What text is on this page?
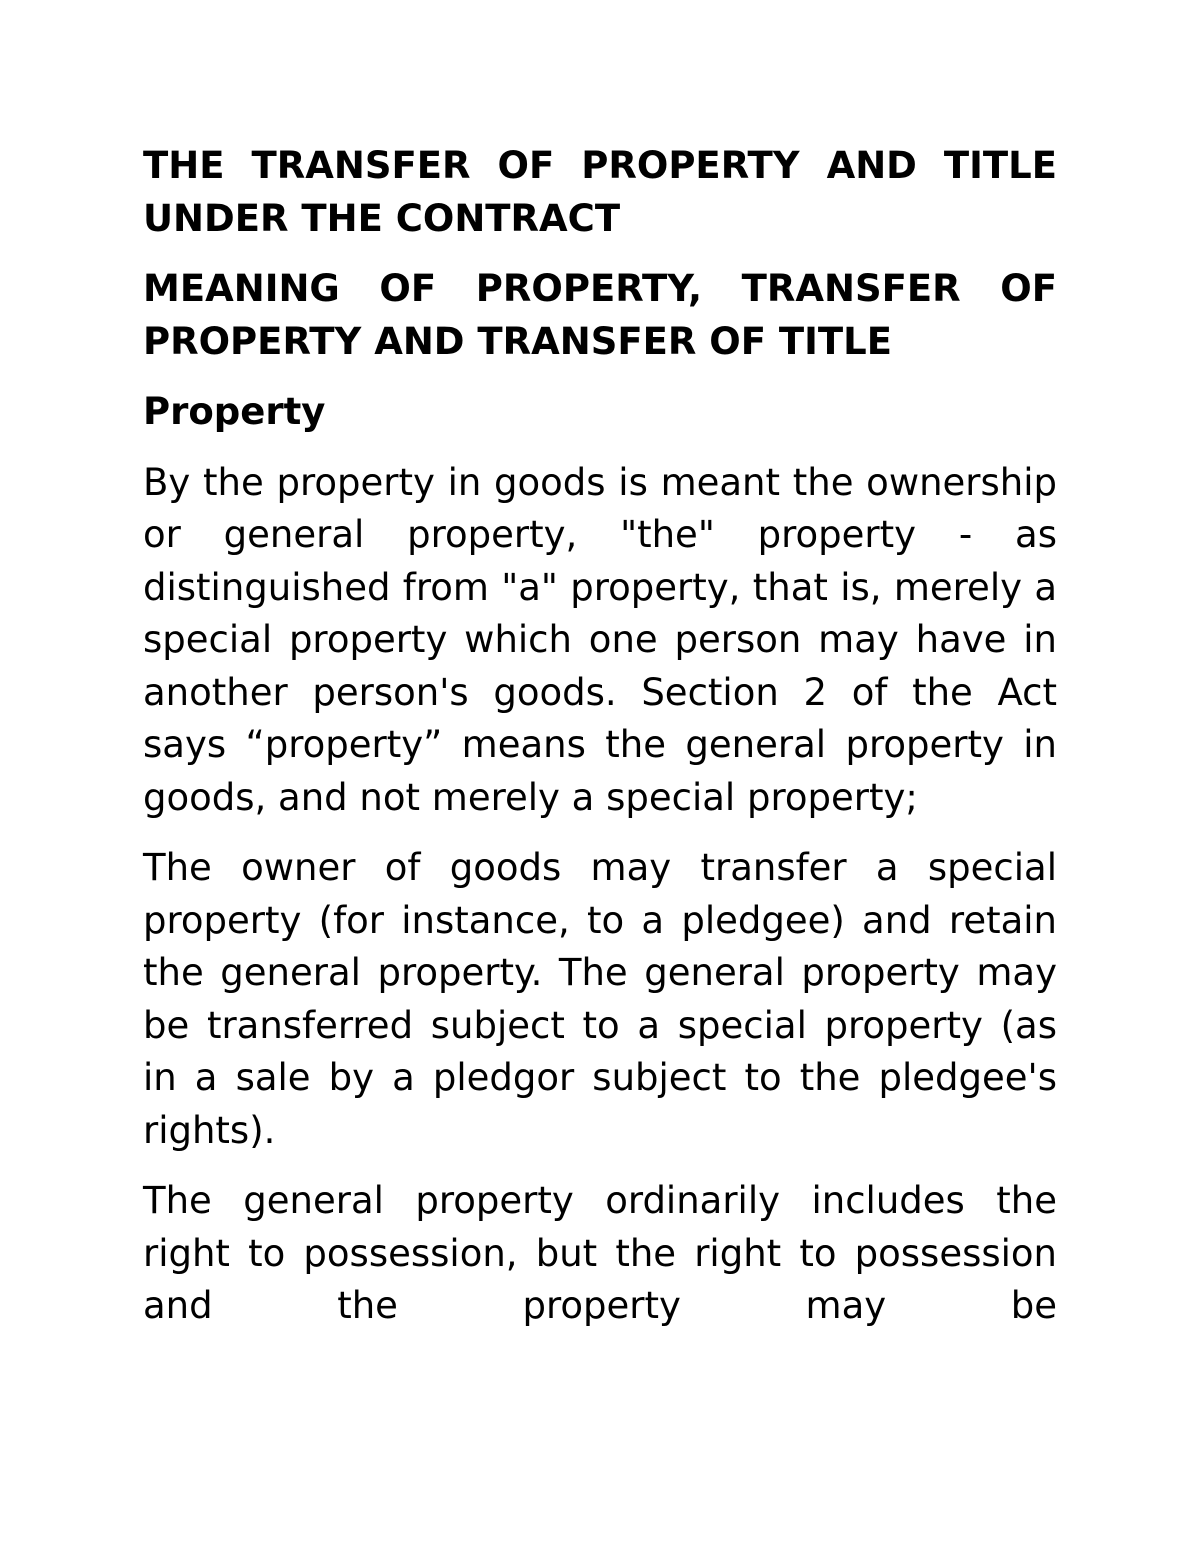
THE TRANSFER OF PROPERTY AND TITLE UNDER THE CONTRACT

MEANING OF PROPERTY, TRANSFER OF PROPERTY AND TRANSFER OF TITLE

Property

By the property in goods is meant the ownership or general property, "the" property - as distinguished from "a" property, that is, merely a special property which one person may have in another person's goods. Section 2 of the Act says “property” means the general property in goods, and not merely a special property;

The owner of goods may transfer a special property (for instance, to a pledgee) and retain the general property. The general property may be transferred subject to a special property (as in a sale by a pledgor subject to the pledgee's rights).

The general property ordinarily includes the right to possession, but the right to possession and the property may be
